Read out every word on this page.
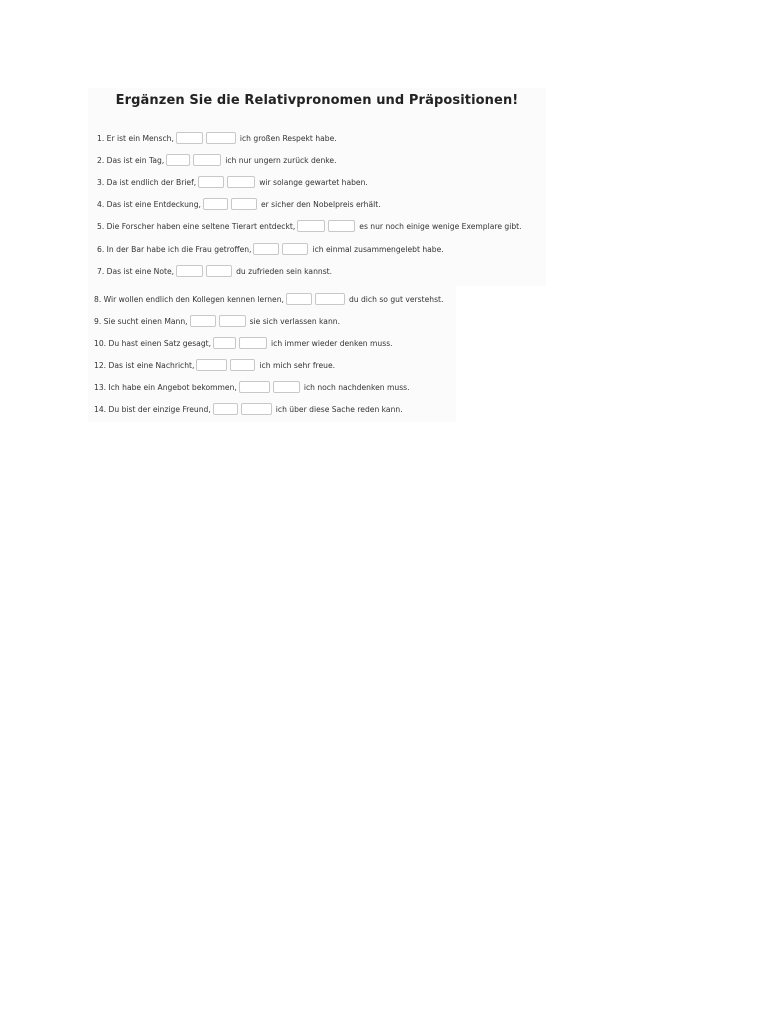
Ergänzen Sie die Relativpronomen und Präpositionen!
1. Er ist ein Mensch,	ich großen Respekt habe.
2. Das ist ein Tag,	ich nur ungern zurück denke.
3. Da ist endlich der Brief,	wir solange gewartet haben.
4. Das ist eine Entdeckung,	er sicher den Nobelpreis erhält.
5. Die Forscher haben eine seltene Tierart entdeckt,	es nur noch einige wenige Exemplare gibt.
6. In der Bar habe ich die Frau getroffen,	ich einmal zusammengelebt habe.
7. Das ist eine Note,	du zufrieden sein kannst.
8. Wir wollen endlich den Kollegen kennen lernen,	du dich so gut verstehst.
9. Sie sucht einen Mann,	sie sich verlassen kann.
10. Du hast einen Satz gesagt,	ich immer wieder denken muss.
12. Das ist eine Nachricht,	ich mich sehr freue.
13. Ich habe ein Angebot bekommen,	ich noch nachdenken muss.
14. Du bist der einzige Freund,	ich über diese Sache reden kann.
